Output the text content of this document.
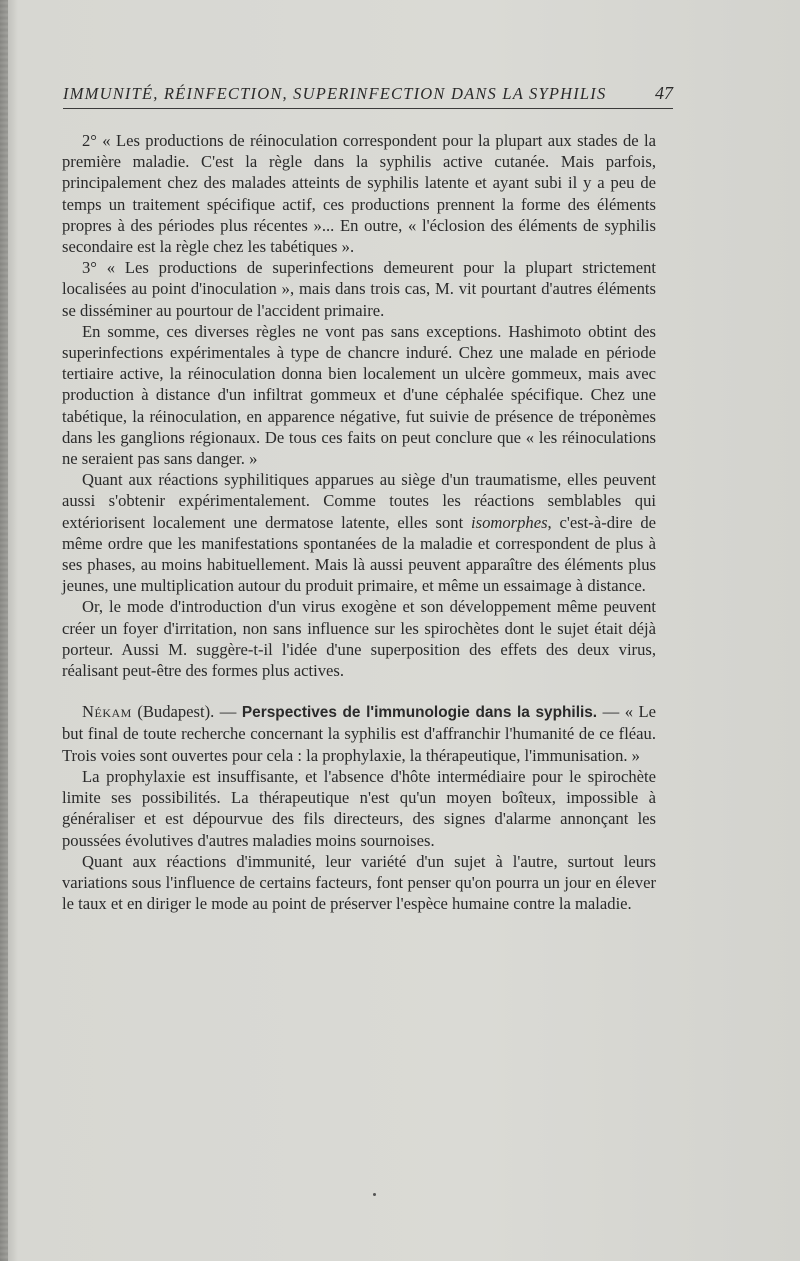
IMMUNITÉ, RÉINFECTION, SUPERINFECTION DANS LA SYPHILIS	47

2° « Les productions de réinoculation correspondent pour la plupart aux stades de la première maladie. C'est la règle dans la syphilis active cutanée. Mais parfois, principalement chez des malades atteints de syphilis latente et ayant subi il y a peu de temps un traitement spécifique actif, ces productions prennent la forme des éléments propres à des périodes plus récentes »... En outre, « l'éclosion des éléments de syphilis secondaire est la règle chez les tabétiques ».

3° « Les productions de superinfections demeurent pour la plupart strictement localisées au point d'inoculation », mais dans trois cas, M. vit pourtant d'autres éléments se disséminer au pourtour de l'accident primaire.

En somme, ces diverses règles ne vont pas sans exceptions. Hashimoto obtint des superinfections expérimentales à type de chancre induré. Chez une malade en période tertiaire active, la réinoculation donna bien localement un ulcère gommeux, mais avec production à distance d'un infiltrat gommeux et d'une céphalée spécifique. Chez une tabétique, la réinoculation, en apparence négative, fut suivie de présence de tréponèmes dans les ganglions régionaux. De tous ces faits on peut conclure que « les réinoculations ne seraient pas sans danger. »

Quant aux réactions syphilitiques apparues au siège d'un traumatisme, elles peuvent aussi s'obtenir expérimentalement. Comme toutes les réactions semblables qui extériorisent localement une dermatose latente, elles sont isomorphes, c'est-à-dire de même ordre que les manifestations spontanées de la maladie et correspondent de plus à ses phases, au moins habituellement. Mais là aussi peuvent apparaître des éléments plus jeunes, une multiplication autour du produit primaire, et même un essaimage à distance.

Or, le mode d'introduction d'un virus exogène et son développement même peuvent créer un foyer d'irritation, non sans influence sur les spirochètes dont le sujet était déjà porteur. Aussi M. suggère-t-il l'idée d'une superposition des effets des deux virus, réalisant peut-être des formes plus actives.

Nékam (Budapest). — Perspectives de l'immunologie dans la syphilis. — « Le but final de toute recherche concernant la syphilis est d'affranchir l'humanité de ce fléau. Trois voies sont ouvertes pour cela : la prophylaxie, la thérapeutique, l'immunisation. »

La prophylaxie est insuffisante, et l'absence d'hôte intermédiaire pour le spirochète limite ses possibilités. La thérapeutique n'est qu'un moyen boîteux, impossible à généraliser et est dépourvue des fils directeurs, des signes d'alarme annonçant les poussées évolutives d'autres maladies moins sournoises.

Quant aux réactions d'immunité, leur variété d'un sujet à l'autre, surtout leurs variations sous l'influence de certains facteurs, font penser qu'on pourra un jour en élever le taux et en diriger le mode au point de préserver l'espèce humaine contre la maladie.
